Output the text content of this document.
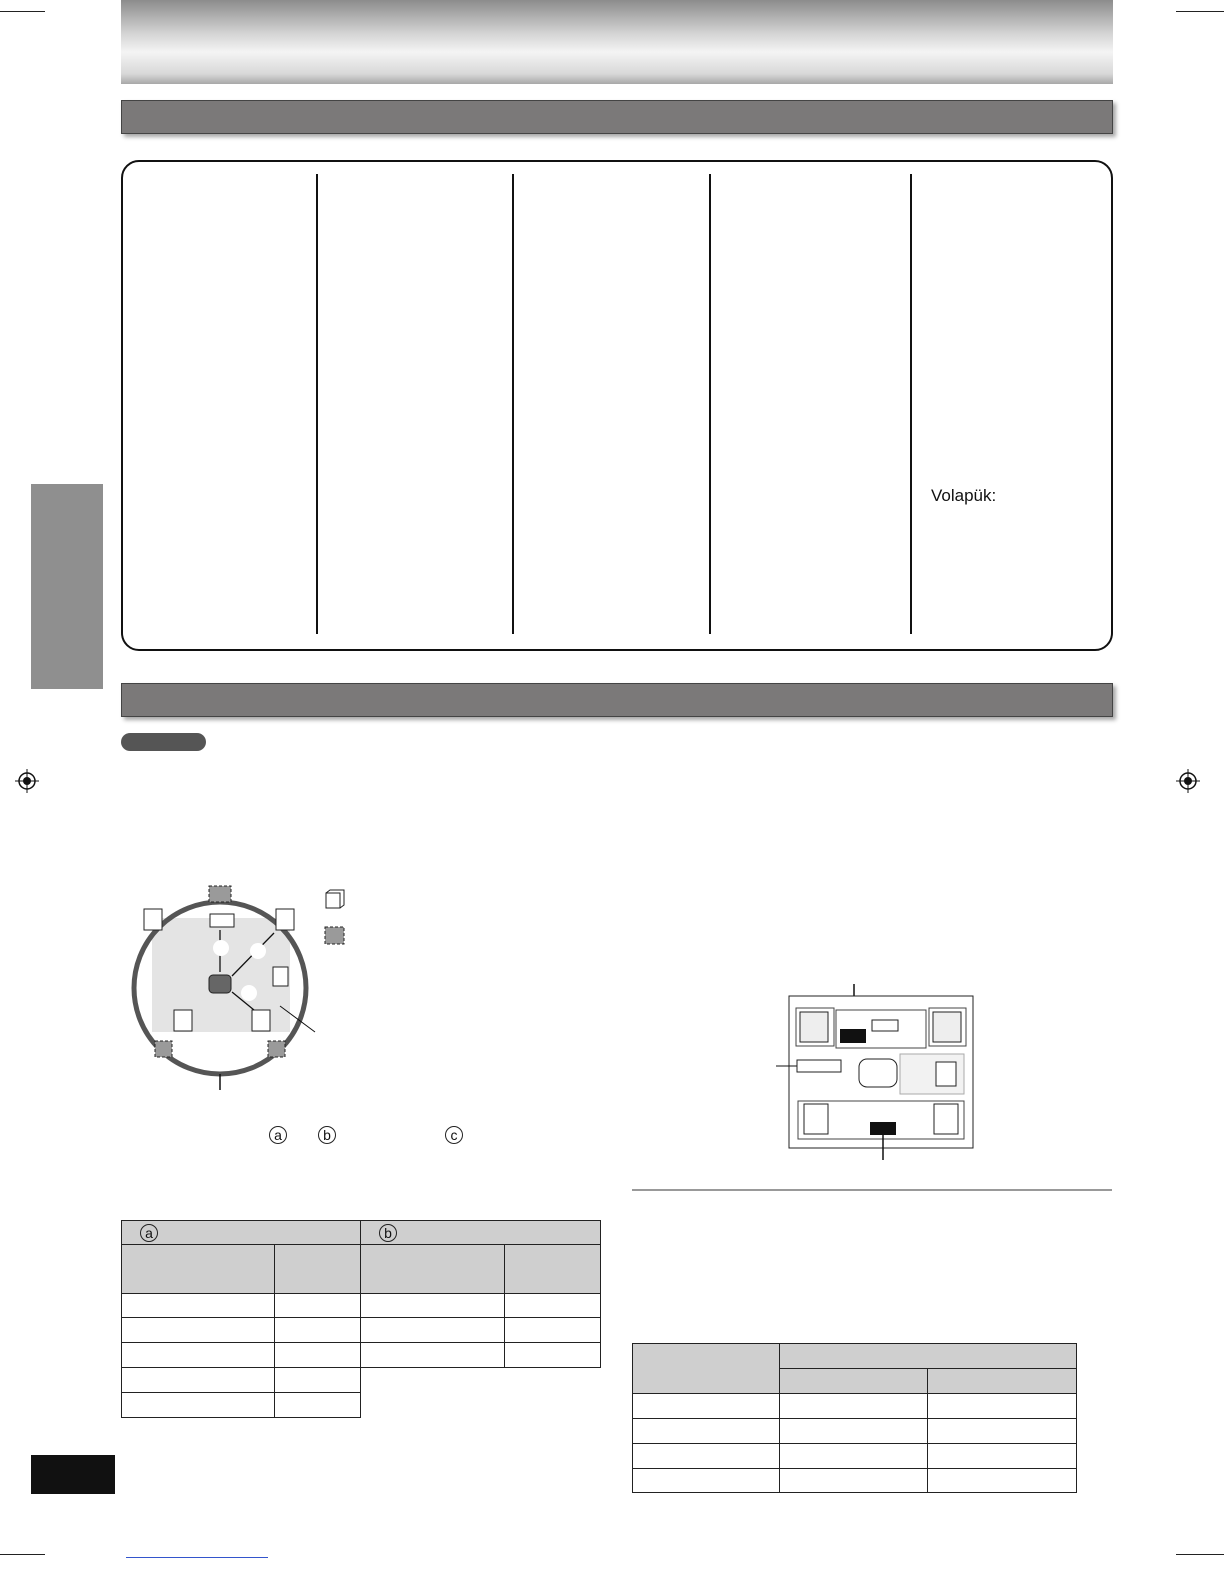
Volapük:
a	b	c
a		b	
